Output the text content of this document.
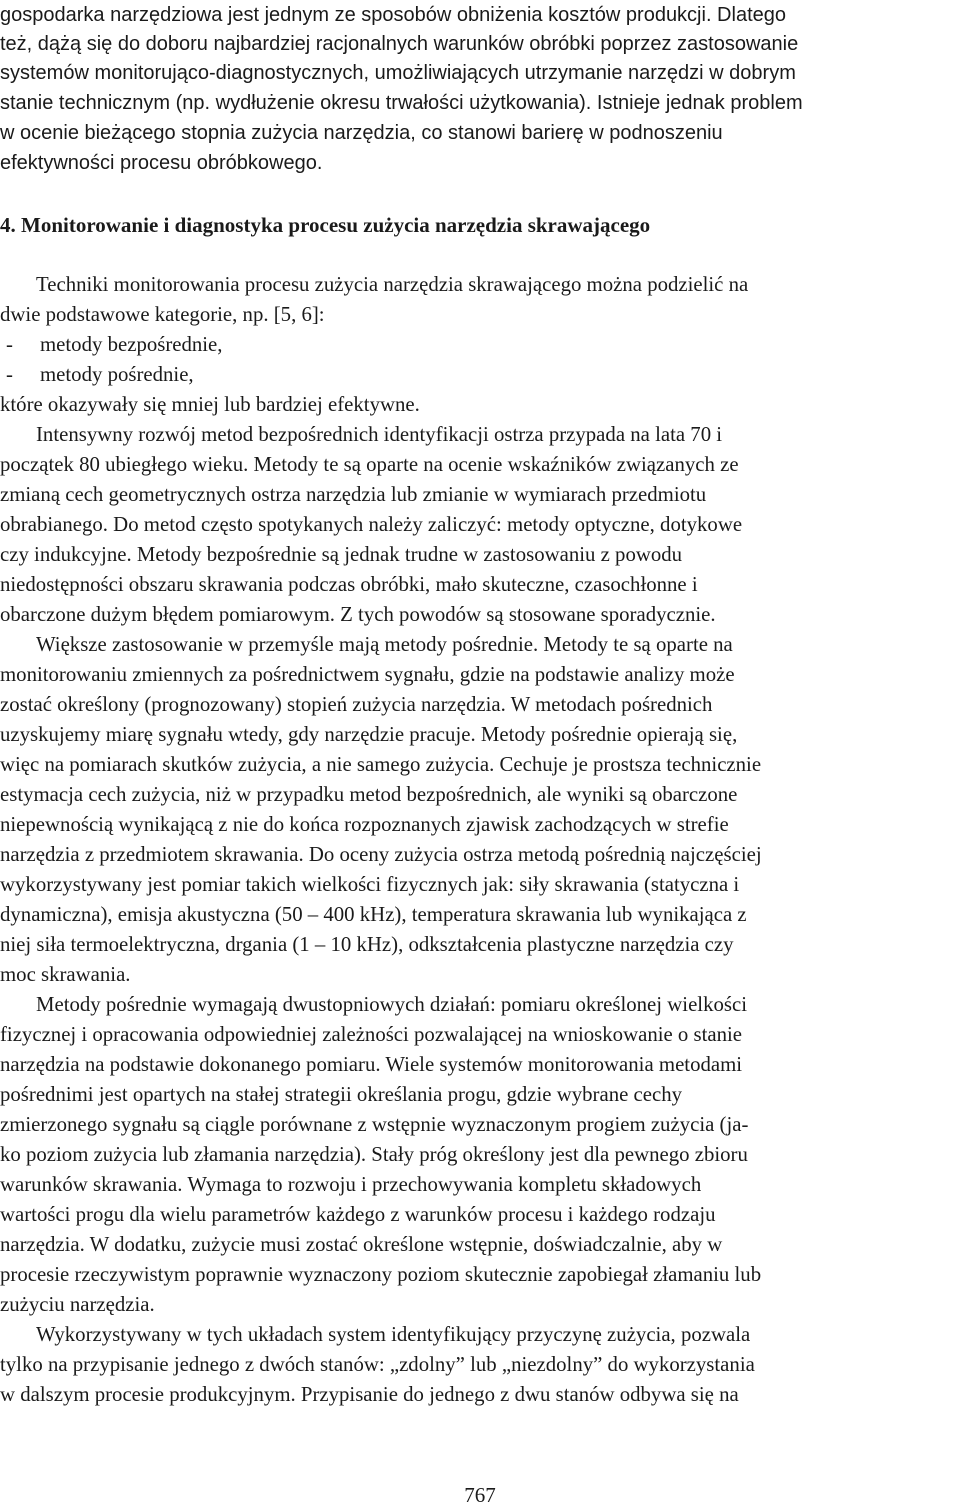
gospodarka narzędziowa jest jednym ze sposobów obniżenia kosztów produkcji. Dlatego
też, dążą się do doboru najbardziej racjonalnych warunków obróbki poprzez zastosowanie
systemów monitorująco-diagnostycznych, umożliwiających utrzymanie narzędzi w dobrym
stanie technicznym (np. wydłużenie okresu trwałości użytkowania). Istnieje jednak problem
w ocenie bieżącego stopnia zużycia narzędzia, co stanowi barierę w podnoszeniu
efektywności procesu obróbkowego.
4. Monitorowanie i diagnostyka procesu zużycia narzędzia skrawającego
Techniki monitorowania procesu zużycia narzędzia skrawającego można podzielić na
dwie podstawowe kategorie, np. [5, 6]:
- metody bezpośrednie,
- metody pośrednie,
które okazywały się mniej lub bardziej efektywne.
Intensywny rozwój metod bezpośrednich identyfikacji ostrza przypada na lata 70 i
początek 80 ubiegłego wieku. Metody te są oparte na ocenie wskaźników związanych ze
zmianą cech geometrycznych ostrza narzędzia lub zmianie w wymiarach przedmiotu
obrabianego. Do metod często spotykanych należy zaliczyć: metody optyczne, dotykowe
czy indukcyjne. Metody bezpośrednie są jednak trudne w zastosowaniu z powodu
niedostępności obszaru skrawania podczas obróbki, mało skuteczne, czasochłonne i
obarczone dużym błędem pomiarowym. Z tych powodów są stosowane sporadycznie.
Większe zastosowanie w przemyśle mają metody pośrednie. Metody te są oparte na
monitorowaniu zmiennych za pośrednictwem sygnału, gdzie na podstawie analizy może
zostać określony (prognozowany) stopień zużycia narzędzia. W metodach pośrednich
uzyskujemy miarę sygnału wtedy, gdy narzędzie pracuje. Metody pośrednie opierają się,
więc na pomiarach skutków zużycia, a nie samego zużycia. Cechuje je prostsza technicznie
estymacja cech zużycia, niż w przypadku metod bezpośrednich, ale wyniki są obarczone
niepewnością wynikającą z nie do końca rozpoznanych zjawisk zachodzących w strefie
narzędzia z przedmiotem skrawania. Do oceny zużycia ostrza metodą pośrednią najczęściej
wykorzystywany jest pomiar takich wielkości fizycznych jak: siły skrawania (statyczna i
dynamiczna), emisja akustyczna (50 – 400 kHz), temperatura skrawania lub wynikająca z
niej siła termoelektryczna, drgania (1 – 10 kHz), odkształcenia plastyczne narzędzia czy
moc skrawania.
Metody pośrednie wymagają dwustopniowych działań: pomiaru określonej wielkości
fizycznej i opracowania odpowiedniej zależności pozwalającej na wnioskowanie o stanie
narzędzia na podstawie dokonanego pomiaru. Wiele systemów monitorowania metodami
pośrednimi jest opartych na stałej strategii określania progu, gdzie wybrane cechy
zmierzonego sygnału są ciągle porównane z wstępnie wyznaczonym progiem zużycia (ja-
ko poziom zużycia lub złamania narzędzia). Stały próg określony jest dla pewnego zbioru
warunków skrawania. Wymaga to rozwoju i przechowywania kompletu składowych
wartości progu dla wielu parametrów każdego z warunków procesu i każdego rodzaju
narzędzia. W dodatku, zużycie musi zostać określone wstępnie, doświadczalnie, aby w
procesie rzeczywistym poprawnie wyznaczony poziom skutecznie zapobiegał złamaniu lub
zużyciu narzędzia.
Wykorzystywany w tych układach system identyfikujący przyczynę zużycia, pozwala
tylko na przypisanie jednego z dwóch stanów: „zdolny” lub „niezdolny” do wykorzystania
w dalszym procesie produkcyjnym. Przypisanie do jednego z dwu stanów odbywa się na
767
